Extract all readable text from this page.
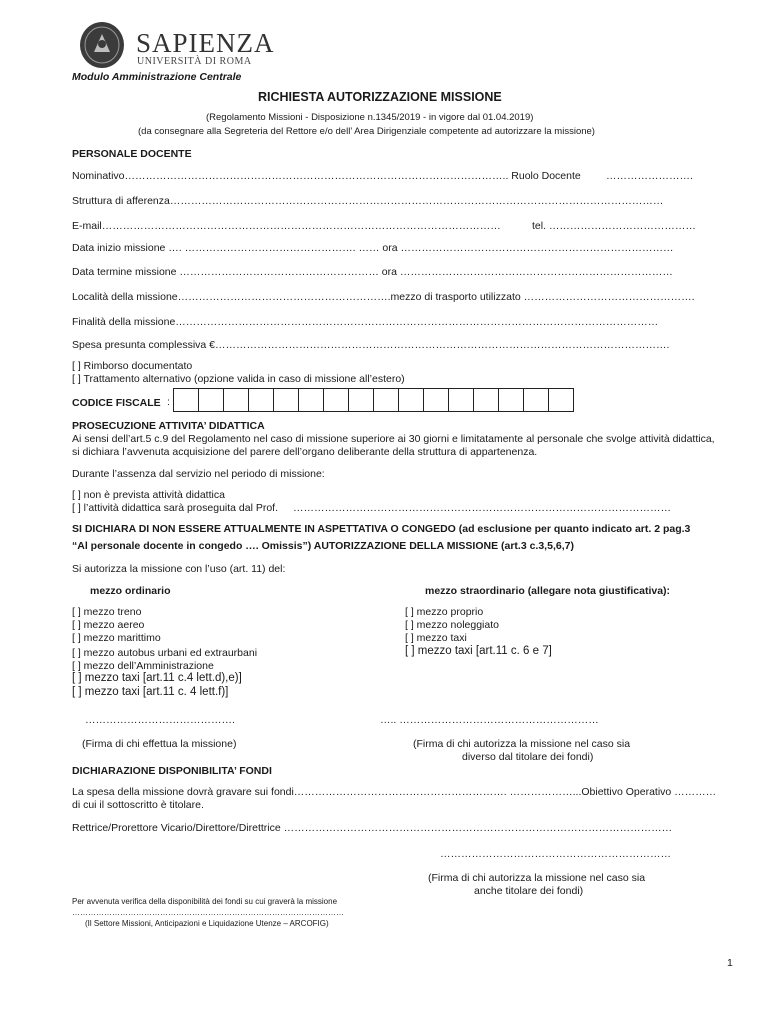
SAPIENZA
UNIVERSITÀ DI ROMA
Modulo Amministrazione Centrale
RICHIESTA AUTORIZZAZIONE MISSIONE
(Regolamento Missioni - Disposizione n.1345/2019 - in vigore dal 01.04.2019)
(da consegnare alla Segreteria del Rettore e/o dell’ Area Dirigenziale competente ad autorizzare la missione)
PERSONALE DOCENTE
Nominativo……………………………………………………………………………………………….. Ruolo Docente …………………….
Struttura di afferenza……………………………………………………………………………………………………………………………
E-mail……………………………………………………………………………………………………	tel. ……………………………………
Data inizio missione …. …………………………………………. …… ora ……………………………………………………………………
Data termine missione ………………………………………………… ora ……………………………………………………………………
Località della missione…………………………………………………….mezzo di trasporto utilizzato ………………………………………….
Finalità della missione…………………………………………………………………………………………………………………………
Spesa presunta complessiva €………………………………………………………………………………………………………………….
[ ] Rimborso documentato
[ ] Trattamento alternativo (opzione valida in caso di missione all’estero)
CODICE FISCALE :
PROSECUZIONE ATTIVITA’ DIDATTICA
Ai sensi dell’art.5 c.9 del Regolamento nel caso di missione superiore ai 30 giorni e limitatamente al personale che svolge attività didattica,
si dichiara l’avvenuta acquisizione del parere dell’organo deliberante della struttura di appartenenza.
Durante l’assenza dal servizio nel periodo di missione:
[ ] non è prevista attività didattica
[ ] l’attività didattica sarà proseguita dal Prof. ………………………………………………………………………………………………
SI DICHIARA DI NON ESSERE ATTUALMENTE IN ASPETTATIVA O CONGEDO (ad esclusione per quanto indicato art. 2 pag.3
“Al personale docente in congedo …. Omissis”) AUTORIZZAZIONE DELLA MISSIONE (art.3 c.3,5,6,7)
Si autorizza la missione con l’uso (art. 11) del:
mezzo ordinario	mezzo straordinario (allegare nota giustificativa):
[ ] mezzo treno
[ ] mezzo aereo
[ ] mezzo marittimo
[ ] mezzo autobus urbani ed extraurbani
[ ] mezzo dell’Amministrazione
[ ] mezzo taxi [art.11 c.4 lett.d),e)]
[ ] mezzo taxi [art.11 c. 4 lett.f)]
[ ] mezzo proprio
[ ] mezzo noleggiato
[ ] mezzo taxi
[ ] mezzo taxi [art.11 c. 6 e 7]
…………………………………….	….. …………………………………………………
(Firma di chi effettua la missione)	(Firma di chi autorizza la missione nel caso sia
diverso dal titolare dei fondi)
DICHIARAZIONE DISPONIBILITA’ FONDI
La spesa della missione dovrà gravare sui fondi……………………………………………………. ………………...Obiettivo Operativo …………
di cui il sottoscritto è titolare.
Rettrice/Prorettore Vicario/Direttore/Direttrice …………………………………………………………………………………………………
…………………………………………………………
(Firma di chi autorizza la missione nel caso sia
anche titolare dei fondi)
Per avvenuta verifica della disponibilità dei fondi su cui graverà la missione
…………………………………………………………………………………………
(Il Settore Missioni, Anticipazioni e Liquidazione Utenze – ARCOFIG)
1
